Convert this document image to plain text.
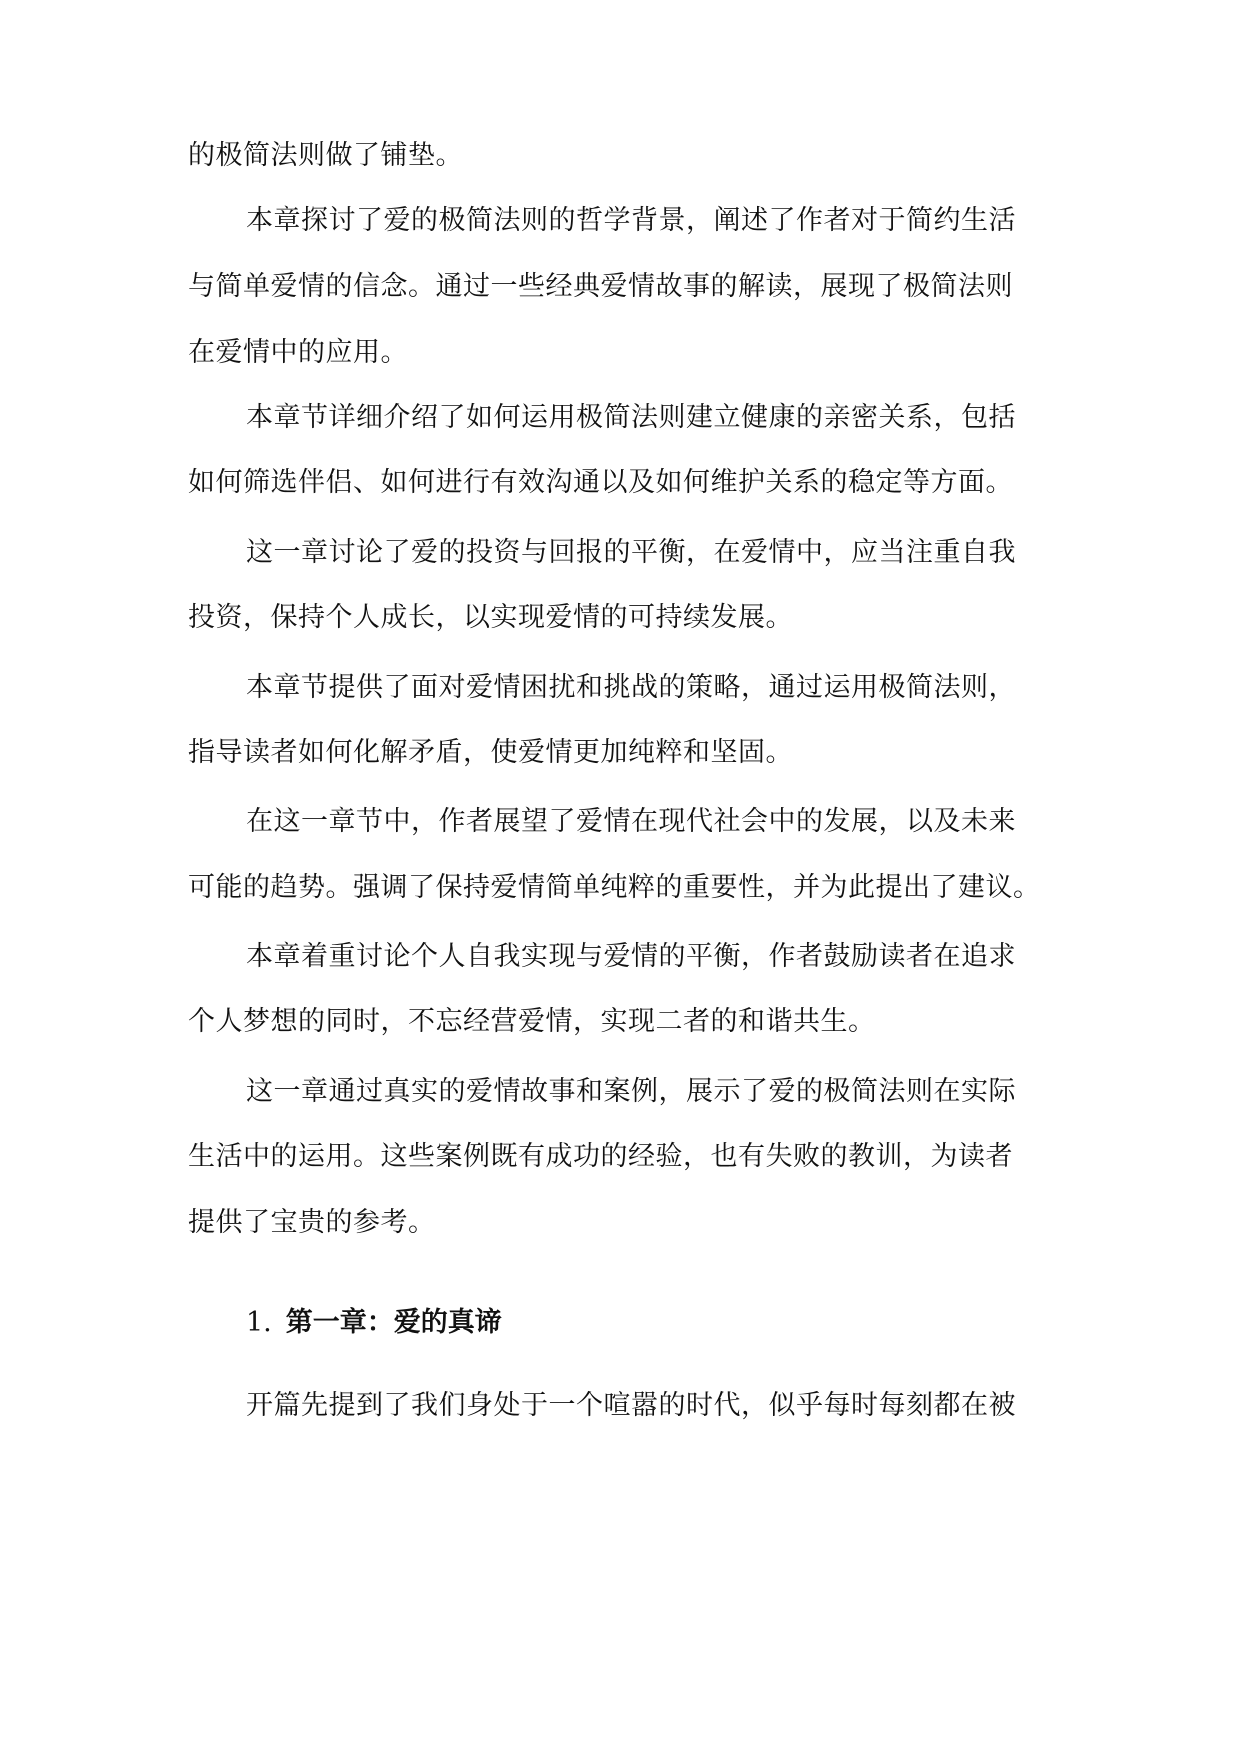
的极简法则做了铺垫。
本章探讨了爱的极简法则的哲学背景，阐述了作者对于简约生活
与简单爱情的信念。通过一些经典爱情故事的解读，展现了极简法则
在爱情中的应用。
本章节详细介绍了如何运用极简法则建立健康的亲密关系，包括
如何筛选伴侣、如何进行有效沟通以及如何维护关系的稳定等方面。
这一章讨论了爱的投资与回报的平衡，在爱情中，应当注重自我
投资，保持个人成长，以实现爱情的可持续发展。
本章节提供了面对爱情困扰和挑战的策略，通过运用极简法则，
指导读者如何化解矛盾，使爱情更加纯粹和坚固。
在这一章节中，作者展望了爱情在现代社会中的发展，以及未来
可能的趋势。强调了保持爱情简单纯粹的重要性，并为此提出了建议。
本章着重讨论个人自我实现与爱情的平衡，作者鼓励读者在追求
个人梦想的同时，不忘经营爱情，实现二者的和谐共生。
这一章通过真实的爱情故事和案例，展示了爱的极简法则在实际
生活中的运用。这些案例既有成功的经验，也有失败的教训，为读者
提供了宝贵的参考。
1. 第一章：爱的真谛
开篇先提到了我们身处于一个喧嚣的时代，似乎每时每刻都在被
